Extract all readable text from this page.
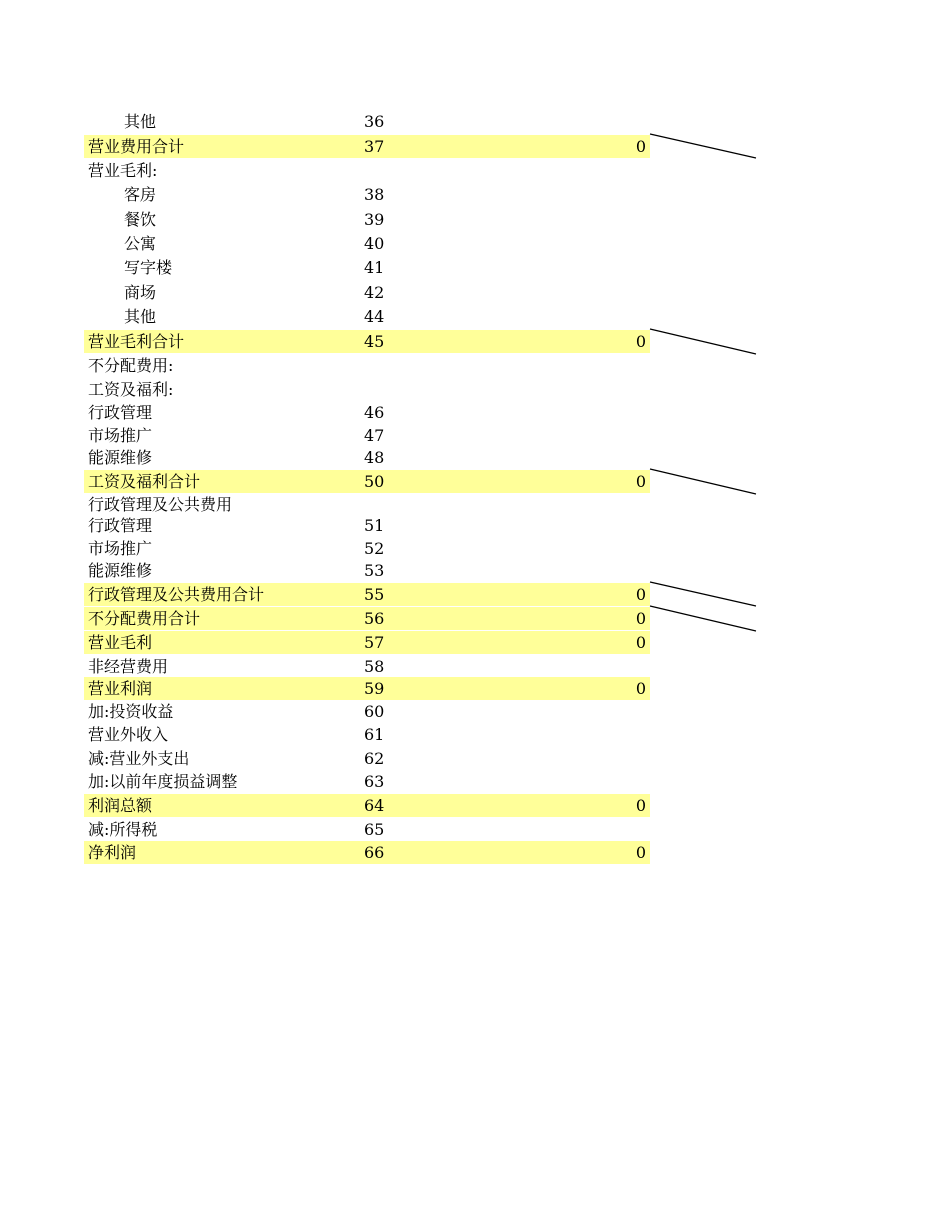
其他	36
营业费用合计	37	0
营业毛利:
客房	38
餐饮	39
公寓	40
写字楼	41
商场	42
其他	44
营业毛利合计	45	0
不分配费用:
工资及福利:
行政管理	46
市场推广	47
能源维修	48
工资及福利合计	50	0
行政管理及公共费用
行政管理	51
市场推广	52
能源维修	53
行政管理及公共费用合计	55	0
不分配费用合计	56	0
营业毛利	57	0
非经营费用	58
营业利润	59	0
加:投资收益	60
营业外收入	61
减:营业外支出	62
加:以前年度损益调整	63
利润总额	64	0
减:所得税	65
净利润	66	0
